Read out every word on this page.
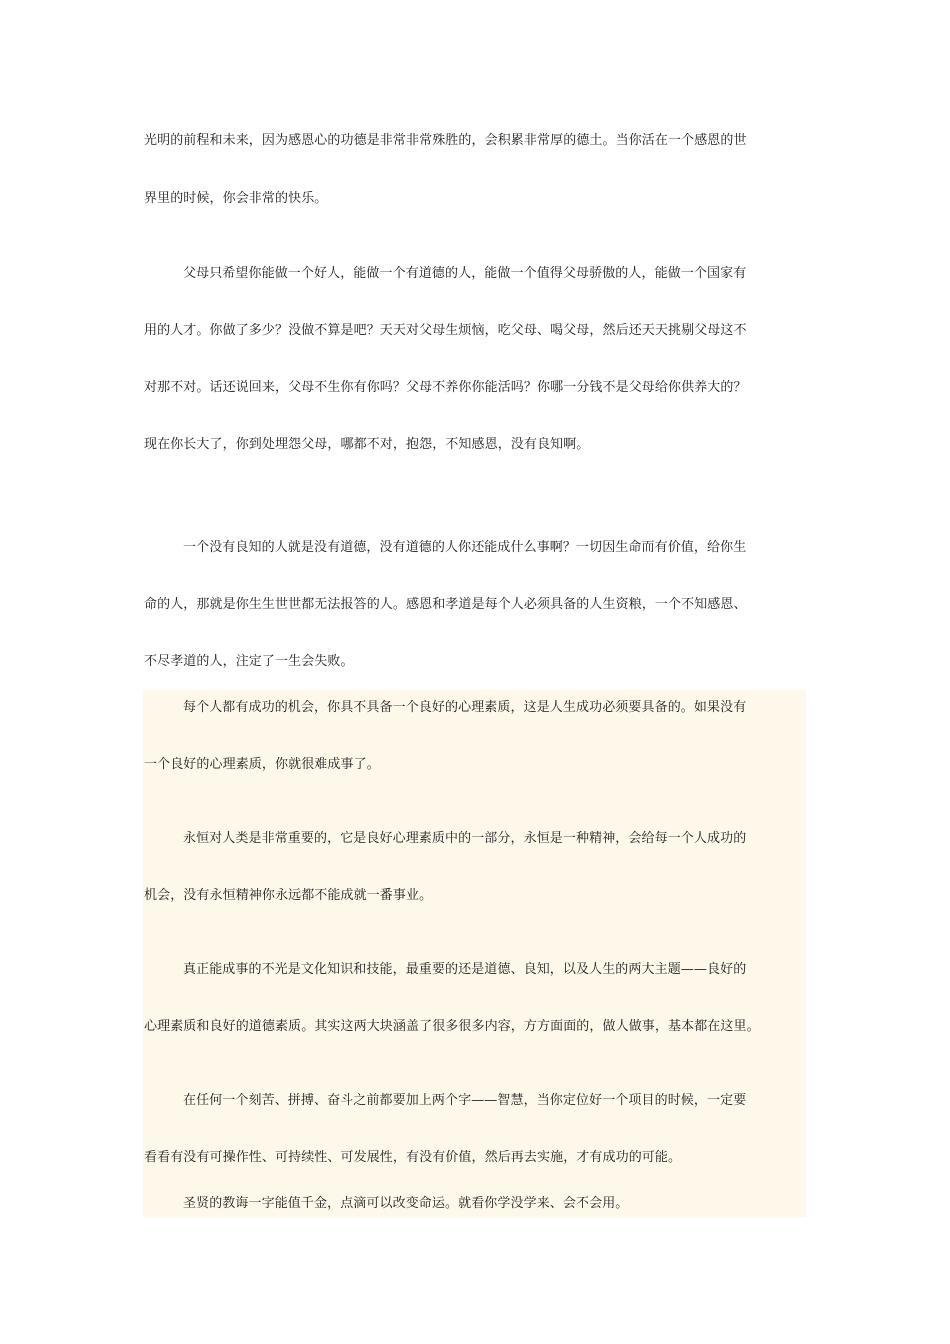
光明的前程和未来，因为感恩心的功德是非常非常殊胜的，会积累非常厚的德土。当你活在一个感恩的世
界里的时候，你会非常的快乐。
父母只希望你能做一个好人，能做一个有道德的人，能做一个值得父母骄傲的人，能做一个国家有
用的人才。你做了多少？没做不算是吧？天天对父母生烦恼，吃父母、喝父母，然后还天天挑剔父母这不
对那不对。话还说回来，父母不生你有你吗？父母不养你你能活吗？你哪一分钱不是父母给你供养大的？
现在你长大了，你到处埋怨父母，哪都不对，抱怨，不知感恩，没有良知啊。
一个没有良知的人就是没有道德，没有道德的人你还能成什么事啊？一切因生命而有价值，给你生
命的人，那就是你生生世世都无法报答的人。感恩和孝道是每个人必须具备的人生资粮，一个不知感恩、
不尽孝道的人，注定了一生会失败。
每个人都有成功的机会，你具不具备一个良好的心理素质，这是人生成功必须要具备的。如果没有
一个良好的心理素质，你就很难成事了。
永恒对人类是非常重要的，它是良好心理素质中的一部分，永恒是一种精神，会给每一个人成功的
机会，没有永恒精神你永远都不能成就一番事业。
真正能成事的不光是文化知识和技能，最重要的还是道德、良知，以及人生的两大主题——良好的
心理素质和良好的道德素质。其实这两大块涵盖了很多很多内容，方方面面的，做人做事，基本都在这里。
在任何一个刻苦、拼搏、奋斗之前都要加上两个字——智慧，当你定位好一个项目的时候，一定要
看看有没有可操作性、可持续性、可发展性，有没有价值，然后再去实施，才有成功的可能。
圣贤的教诲一字能值千金，点滴可以改变命运。就看你学没学来、会不会用。
